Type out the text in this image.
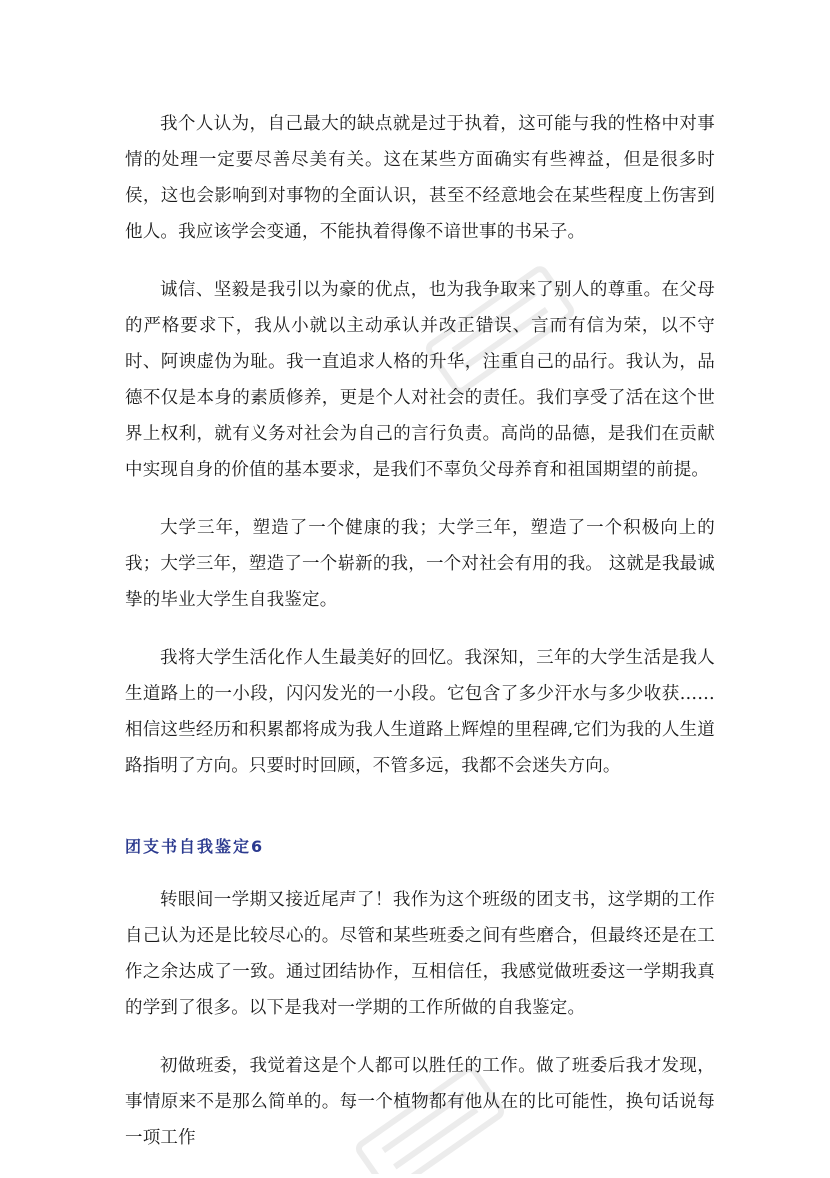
我个人认为，自己最大的缺点就是过于执着，这可能与我的性格中对事情的处理一定要尽善尽美有关。这在某些方面确实有些裨益，但是很多时侯，这也会影响到对事物的全面认识，甚至不经意地会在某些程度上伤害到他人。我应该学会变通，不能执着得像不谙世事的书呆子。

诚信、坚毅是我引以为豪的优点，也为我争取来了别人的尊重。在父母的严格要求下，我从小就以主动承认并改正错误、言而有信为荣，以不守时、阿谀虚伪为耻。我一直追求人格的升华，注重自己的品行。我认为，品德不仅是本身的素质修养，更是个人对社会的责任。我们享受了活在这个世界上权利，就有义务对社会为自己的言行负责。高尚的品德，是我们在贡献中实现自身的价值的基本要求，是我们不辜负父母养育和祖国期望的前提。

大学三年，塑造了一个健康的我；大学三年，塑造了一个积极向上的我；大学三年，塑造了一个崭新的我，一个对社会有用的我。 这就是我最诚挚的毕业大学生自我鉴定。

我将大学生活化作人生最美好的回忆。我深知，三年的大学生活是我人生道路上的一小段，闪闪发光的一小段。它包含了多少汗水与多少收获……相信这些经历和积累都将成为我人生道路上辉煌的里程碑,它们为我的人生道路指明了方向。只要时时回顾，不管多远，我都不会迷失方向。

团支书自我鉴定6

转眼间一学期又接近尾声了！我作为这个班级的团支书，这学期的工作自己认为还是比较尽心的。尽管和某些班委之间有些磨合，但最终还是在工作之余达成了一致。通过团结协作，互相信任，我感觉做班委这一学期我真的学到了很多。以下是我对一学期的工作所做的自我鉴定。

初做班委，我觉着这是个人都可以胜任的工作。做了班委后我才发现，事情原来不是那么简单的。每一个植物都有他从在的比可能性，换句话说每一项工作
